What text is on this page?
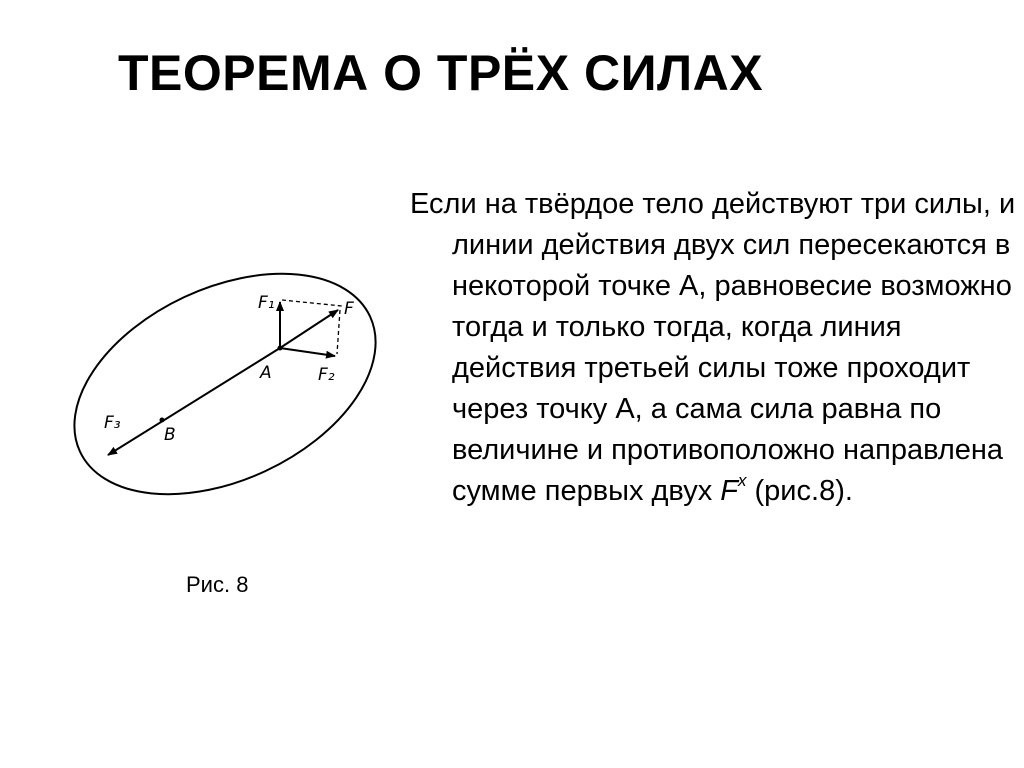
ТЕОРЕМА О ТРЁХ СИЛАХ
F₁	F
F₂
A
B
F₃
Рис. 8

Если на твёрдое тело действуют три силы, и линии действия двух сил пересекаются в некоторой точке А, равновесие возможно тогда и только тогда, когда линия действия третьей силы тоже проходит через точку А, а сама сила равна по величине и противоположно направлена сумме первых двух $F^x$ (рис.8).
